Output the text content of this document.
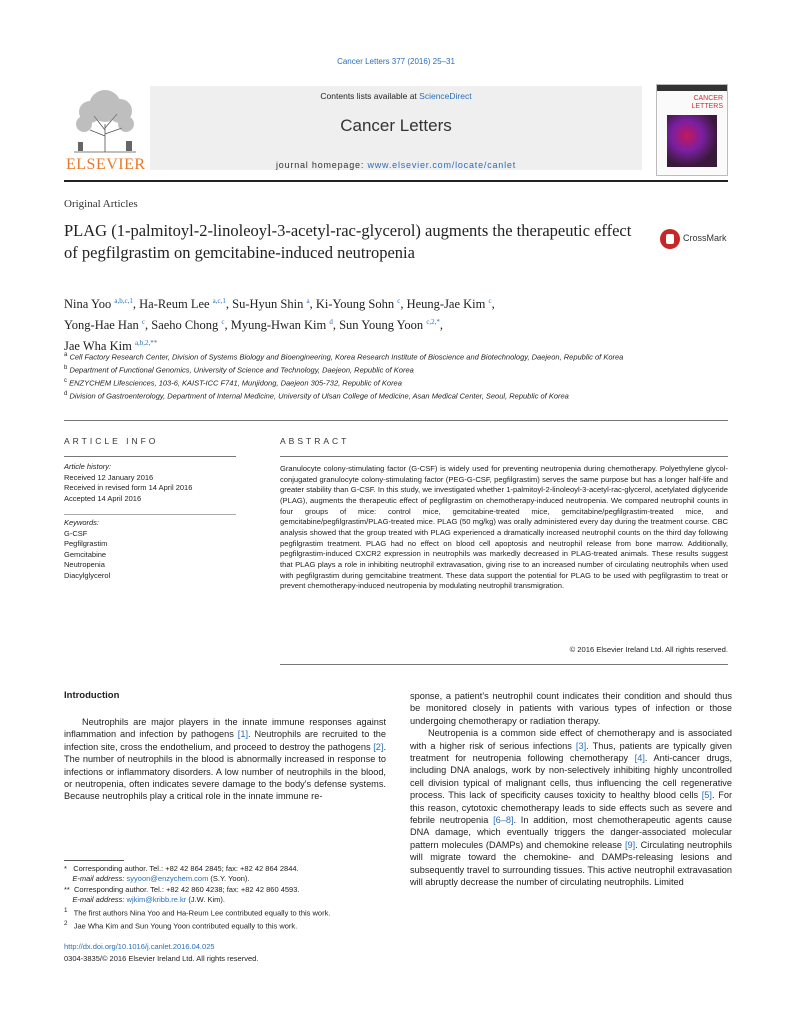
Cancer Letters 377 (2016) 25–31
ELSEVIER
Contents lists available at ScienceDirect
Cancer Letters
journal homepage: www.elsevier.com/locate/canlet
CANCER
LETTERS
Original Articles
PLAG (1-palmitoyl-2-linoleoyl-3-acetyl-rac-glycerol) augments the therapeutic effect of pegfilgrastim on gemcitabine-induced neutropenia
CrossMark
Nina Yoo $^{a,b,c,1}$, Ha-Reum Lee $^{a,c,1}$, Su-Hyun Shin $^a$, Ki-Young Sohn $^c$, Heung-Jae Kim $^c$,
Yong-Hae Han $^c$, Saeho Chong $^c$, Myung-Hwan Kim $^d$, Sun Young Yoon $^{c,2,*}$,
Jae Wha Kim $^{a,b,2,**}$
$^a$ Cell Factory Research Center, Division of Systems Biology and Bioengineering, Korea Research Institute of Bioscience and Biotechnology, Daejeon, Republic of Korea
$^b$ Department of Functional Genomics, University of Science and Technology, Daejeon, Republic of Korea
$^c$ ENZYCHEM Lifesciences, 103-6, KAIST-ICC F741, Munjidong, Daejeon 305-732, Republic of Korea
$^d$ Division of Gastroenterology, Department of Internal Medicine, University of Ulsan College of Medicine, Asan Medical Center, Seoul, Republic of Korea
ARTICLE INFO
Article history:
Received 12 January 2016
Received in revised form 14 April 2016
Accepted 14 April 2016
Keywords:
G-CSF
Pegfilgrastim
Gemcitabine
Neutropenia
Diacylglycerol
ABSTRACT
Granulocyte colony-stimulating factor (G-CSF) is widely used for preventing neutropenia during chemotherapy. Polyethylene glycol-conjugated granulocyte colony-stimulating factor (PEG-G-CSF, pegfilgrastim) serves the same purpose but has a longer half-life and greater stability than G-CSF. In this study, we investigated whether 1-palmitoyl-2-linoleoyl-3-acetyl-rac-glycerol, acetylated diglyceride (PLAG), augments the therapeutic effect of pegfilgrastim on chemotherapy-induced neutropenia. We compared neutrophil counts in four groups of mice: control mice, gemcitabine-treated mice, gemcitabine/pegfilgrastim-treated mice, and gemcitabine/pegfilgrastim/PLAG-treated mice. PLAG (50 mg/kg) was orally administered every day during the treatment course. CBC analysis showed that the group treated with PLAG experienced a dramatically increased neutrophil counts on the third day following pegfilgrastim treatment. PLAG had no effect on blood cell apoptosis and neutrophil release from bone marrow. Additionally, pegfilgrastim-induced CXCR2 expression in neutrophils was markedly decreased in PLAG-treated animals. These results suggest that PLAG plays a role in inhibiting neutrophil extravasation, giving rise to an increased number of circulating neutrophils when used with pegfilgrastim during gemcitabine treatment. These data support the potential for PLAG to be used with pegfilgrastim to treat or prevent chemotherapy-induced neutropenia by modulating neutrophil transmigration.
© 2016 Elsevier Ireland Ltd. All rights reserved.
Introduction

Neutrophils are major players in the innate immune responses against inflammation and infection by pathogens [1]. Neutrophils are recruited to the infection site, cross the endothelium, and proceed to destroy the pathogens [2]. The number of neutrophils in the blood is abnormally increased in response to infections or inflammatory disorders. A low number of neutrophils in the blood, or neutropenia, often indicates severe damage to the body's defense systems. Because neutrophils play a critical role in the innate immune re-

sponse, a patient's neutrophil count indicates their condition and should thus be monitored closely in patients with various types of infection or those undergoing chemotherapy or radiation therapy.

Neutropenia is a common side effect of chemotherapy and is associated with a higher risk of serious infections [3]. Thus, patients are typically given treatment for neutropenia following chemotherapy [4]. Anti-cancer drugs, including DNA analogs, work by non-selectively inhibiting highly uncontrolled cell division typical of malignant cells, thus influencing the cell regenerative process. This lack of specificity causes toxicity to healthy blood cells [5]. For this reason, cytotoxic chemotherapy leads to side effects such as severe and febrile neutropenia [6–8]. In addition, most chemotherapeutic agents cause DNA damage, which eventually triggers the danger-associated molecular pattern molecules (DAMPs) and chemokine release [9]. Circulating neutrophils will migrate toward the chemokine- and DAMPs-releasing lesions and subsequently travel to surrounding tissues. This active neutrophil extravasation will abruptly decrease the number of circulating neutrophils. Limited

* Corresponding author. Tel.: +82 42 864 2845; fax: +82 42 864 2844.
E-mail address: syyoon@enzychem.com (S.Y. Yoon).
** Corresponding author. Tel.: +82 42 860 4238; fax: +82 42 860 4593.
E-mail address: wjkim@kribb.re.kr (J.W. Kim).
$^1$ The first authors Nina Yoo and Ha-Reum Lee contributed equally to this work.
$^2$ Jae Wha Kim and Sun Young Yoon contributed equally to this work.
http://dx.doi.org/10.1016/j.canlet.2016.04.025
0304-3835/© 2016 Elsevier Ireland Ltd. All rights reserved.
